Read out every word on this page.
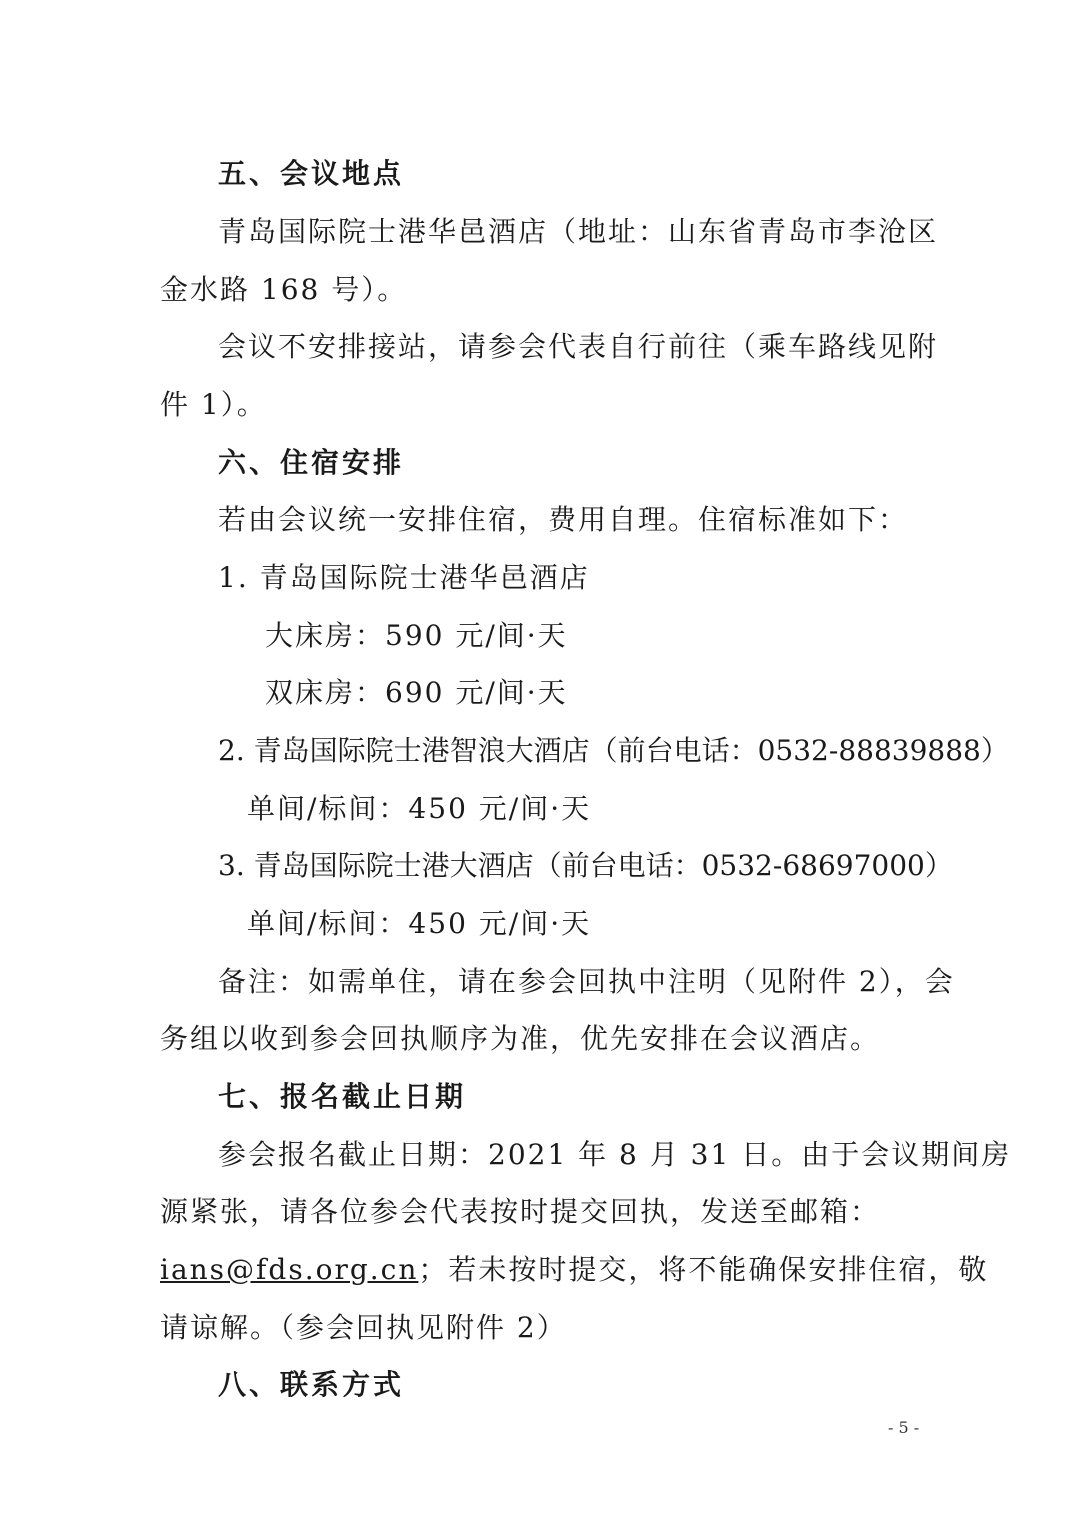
五、会议地点
青岛国际院士港华邑酒店（地址：山东省青岛市李沧区
金水路 168 号）。
会议不安排接站，请参会代表自行前往（乘车路线见附
件 1）。
六、住宿安排
若由会议统一安排住宿，费用自理。住宿标准如下：
1. 青岛国际院士港华邑酒店
大床房：590 元/间·天
双床房：690 元/间·天
2. 青岛国际院士港智浪大酒店（前台电话：0532-88839888）
单间/标间：450 元/间·天
3. 青岛国际院士港大酒店（前台电话：0532-68697000）
单间/标间：450 元/间·天
备注：如需单住，请在参会回执中注明（见附件 2），会
务组以收到参会回执顺序为准，优先安排在会议酒店。
七、报名截止日期
参会报名截止日期：2021 年 8 月 31 日。由于会议期间房
源紧张，请各位参会代表按时提交回执，发送至邮箱：
ians@fds.org.cn；若未按时提交，将不能确保安排住宿，敬
请谅解。（参会回执见附件 2）
八、联系方式
- 5 -
